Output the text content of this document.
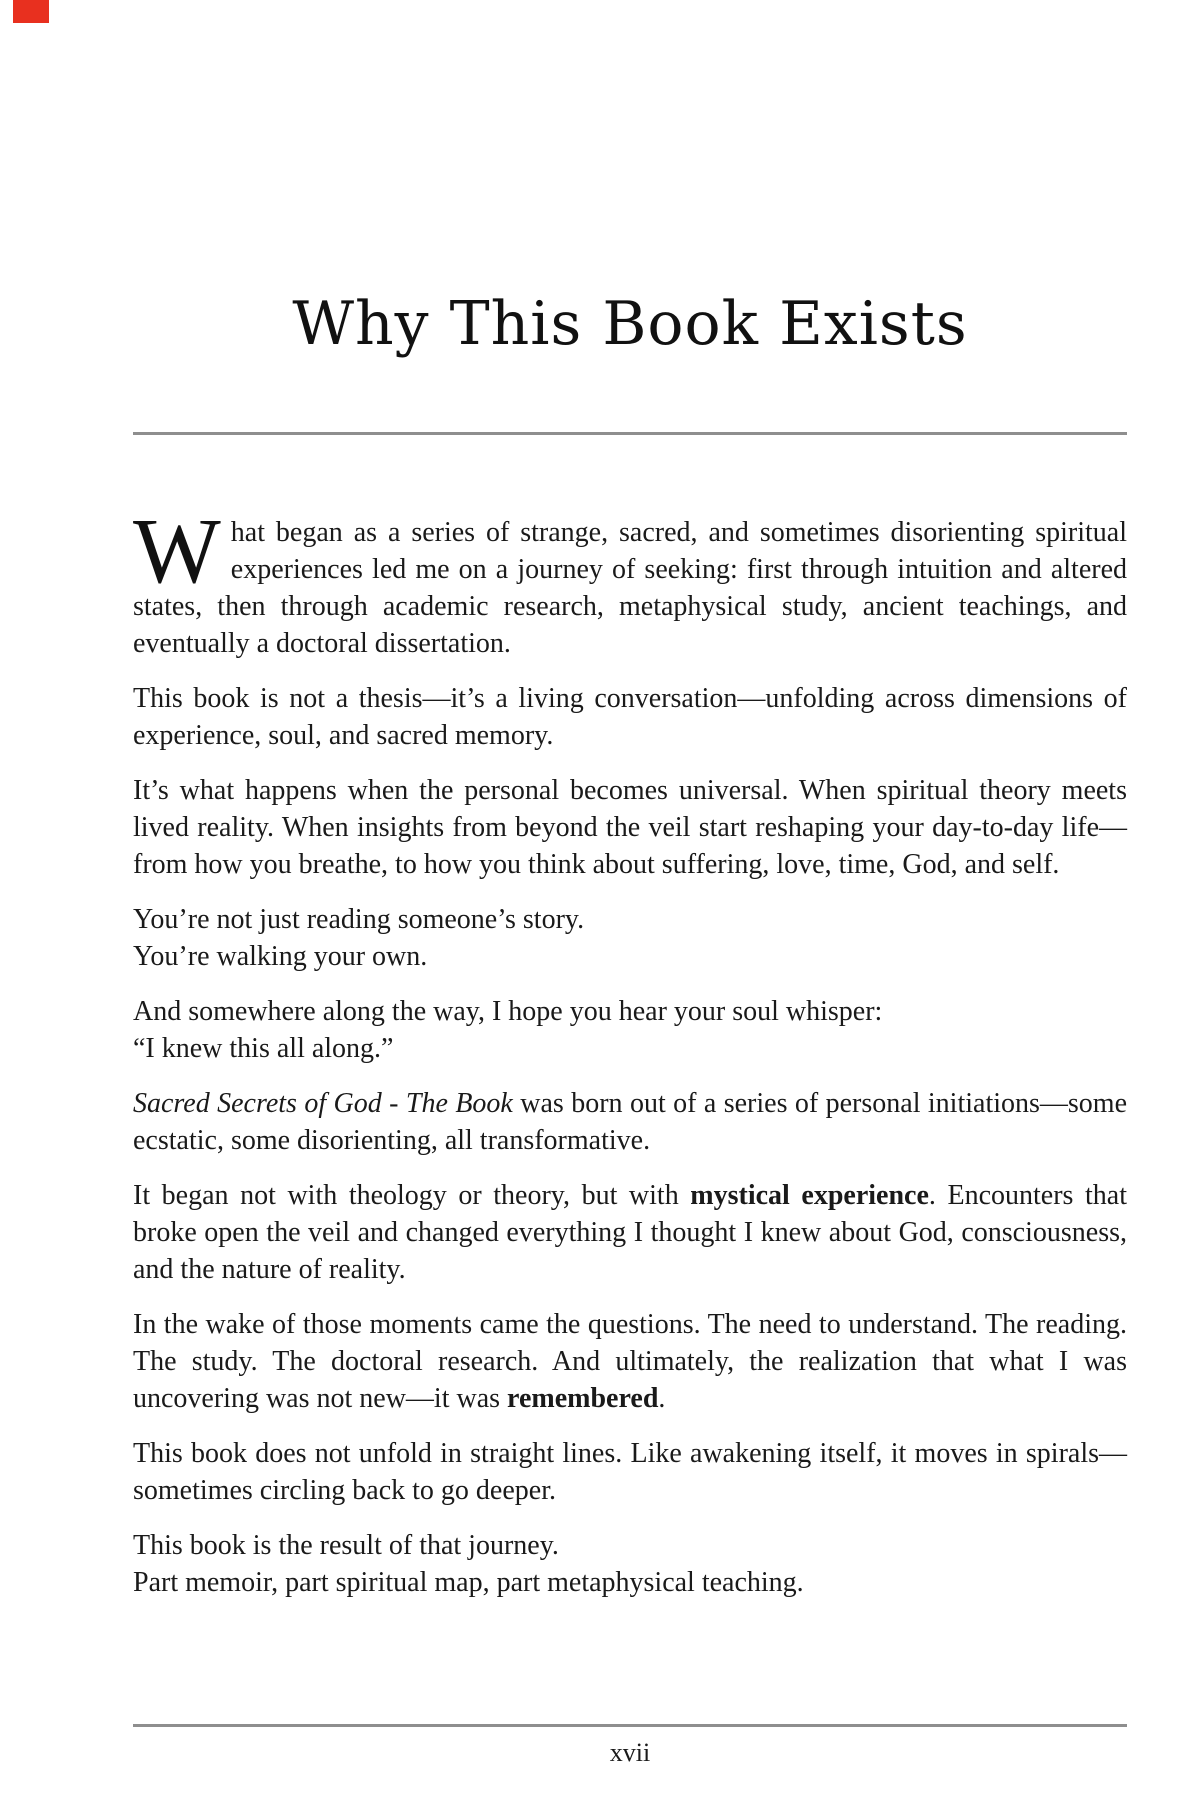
Why This Book Exists

What began as a series of strange, sacred, and sometimes disorienting spiritual experiences led me on a journey of seeking: first through intuition and altered states, then through academic research, metaphysical study, ancient teachings, and eventually a doctoral dissertation.

This book is not a thesis—it’s a living conversation—unfolding across dimensions of experience, soul, and sacred memory.

It’s what happens when the personal becomes universal. When spiritual theory meets lived reality. When insights from beyond the veil start reshaping your day-to-day life—from how you breathe, to how you think about suffering, love, time, God, and self.

You’re not just reading someone’s story.
You’re walking your own.

And somewhere along the way, I hope you hear your soul whisper:
“I knew this all along.”

Sacred Secrets of God - The Book was born out of a series of personal initiations—some ecstatic, some disorienting, all transformative.

It began not with theology or theory, but with mystical experience. Encounters that broke open the veil and changed everything I thought I knew about God, consciousness, and the nature of reality.

In the wake of those moments came the questions. The need to understand. The reading. The study. The doctoral research. And ultimately, the realization that what I was uncovering was not new—it was remembered.

This book does not unfold in straight lines. Like awakening itself, it moves in spirals—sometimes circling back to go deeper.

This book is the result of that journey.
Part memoir, part spiritual map, part metaphysical teaching.

xvii
